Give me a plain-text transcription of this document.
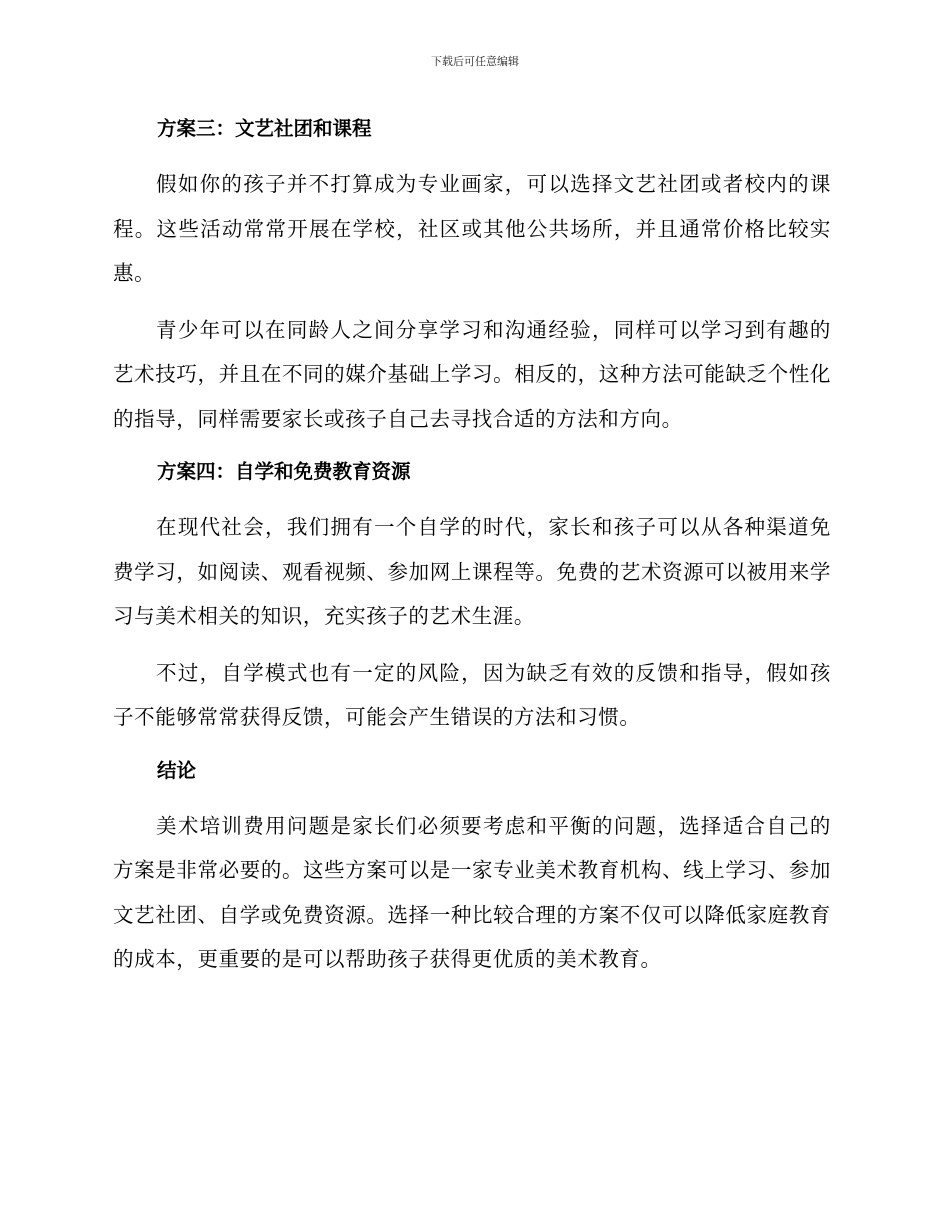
下载后可任意编辑
方案三：文艺社团和课程

假如你的孩子并不打算成为专业画家，可以选择文艺社团或者校内的课程。这些活动常常开展在学校，社区或其他公共场所，并且通常价格比较实惠。

青少年可以在同龄人之间分享学习和沟通经验，同样可以学习到有趣的艺术技巧，并且在不同的媒介基础上学习。相反的，这种方法可能缺乏个性化的指导，同样需要家长或孩子自己去寻找合适的方法和方向。

方案四：自学和免费教育资源

在现代社会，我们拥有一个自学的时代，家长和孩子可以从各种渠道免费学习，如阅读、观看视频、参加网上课程等。免费的艺术资源可以被用来学习与美术相关的知识，充实孩子的艺术生涯。

不过，自学模式也有一定的风险，因为缺乏有效的反馈和指导，假如孩子不能够常常获得反馈，可能会产生错误的方法和习惯。

结论

美术培训费用问题是家长们必须要考虑和平衡的问题，选择适合自己的方案是非常必要的。这些方案可以是一家专业美术教育机构、线上学习、参加文艺社团、自学或免费资源。选择一种比较合理的方案不仅可以降低家庭教育的成本，更重要的是可以帮助孩子获得更优质的美术教育。
